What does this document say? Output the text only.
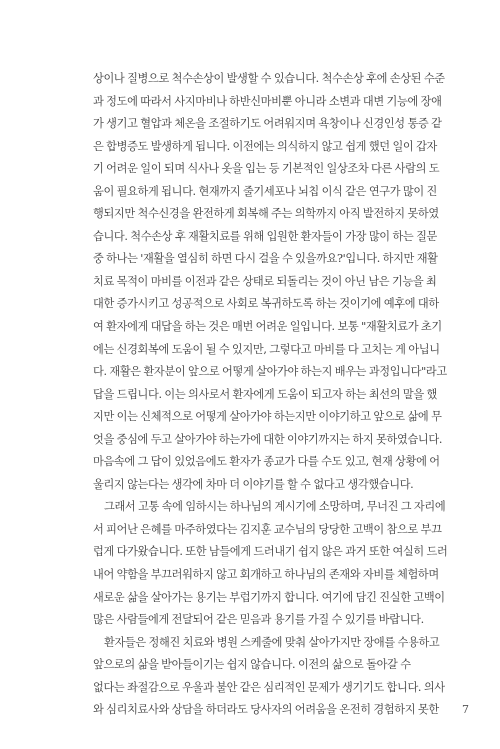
상이나 질병으로 척수손상이 발생할 수 있습니다. 척수손상 후에 손상된 수준
과 정도에 따라서 사지마비나 하반신마비뿐 아니라 소변과 대변 기능에 장애
가 생기고 혈압과 체온을 조절하기도 어려워지며 욕창이나 신경인성 통증 같
은 합병증도 발생하게 됩니다. 이전에는 의식하지 않고 쉽게 했던 일이 갑자
기 어려운 일이 되며 식사나 옷을 입는 등 기본적인 일상조차 다른 사람의 도
움이 필요하게 됩니다. 현재까지 줄기세포나 뇌칩 이식 같은 연구가 많이 진
행되지만 척수신경을 완전하게 회복해 주는 의학까지 아직 발전하지 못하였
습니다. 척수손상 후 재활치료를 위해 입원한 환자들이 가장 많이 하는 질문
중 하나는 '재활을 열심히 하면 다시 걸을 수 있을까요?'입니다. 하지만 재활
치료 목적이 마비를 이전과 같은 상태로 되돌리는 것이 아닌 남은 기능을 최
대한 증가시키고 성공적으로 사회로 복귀하도록 하는 것이기에 예후에 대하
여 환자에게 대답을 하는 것은 매번 어려운 일입니다. 보통 "재활치료가 초기
에는 신경회복에 도움이 될 수 있지만, 그렇다고 마비를 다 고치는 게 아닙니
다. 재활은 환자분이 앞으로 어떻게 살아가야 하는지 배우는 과정입니다"라고
답을 드립니다. 이는 의사로서 환자에게 도움이 되고자 하는 최선의 말을 했
지만 이는 신체적으로 어떻게 살아가야 하는지만 이야기하고 앞으로 삶에 무
엇을 중심에 두고 살아가야 하는가에 대한 이야기까지는 하지 못하였습니다.
마음속에 그 답이 있었음에도 환자가 종교가 다를 수도 있고, 현재 상황에 어
울리지 않는다는 생각에 차마 더 이야기를 할 수 없다고 생각했습니다.
그래서 고통 속에 임하시는 하나님의 계시기에 소망하며, 무너진 그 자리에
서 피어난 은혜를 마주하였다는 김지훈 교수님의 당당한 고백이 참으로 부끄
럽게 다가왔습니다. 또한 남들에게 드러내기 쉽지 않은 과거 또한 여실히 드러
내어 약함을 부끄러워하지 않고 회개하고 하나님의 존재와 자비를 체험하며
새로운 삶을 살아가는 용기는 부럽기까지 합니다. 여기에 담긴 진실한 고백이
많은 사람들에게 전달되어 같은 믿음과 용기를 가질 수 있기를 바랍니다.
환자들은 정해진 치료와 병원 스케줄에 맞춰 살아가지만 장애를 수용하고
앞으로의 삶을 받아들이기는 쉽지 않습니다. 이전의 삶으로 돌아갈 수
없다는 좌절감으로 우울과 불안 같은 심리적인 문제가 생기기도 합니다. 의사
와 심리치료사와 상담을 하더라도 당사자의 어려움을 온전히 경험하지 못한 7
